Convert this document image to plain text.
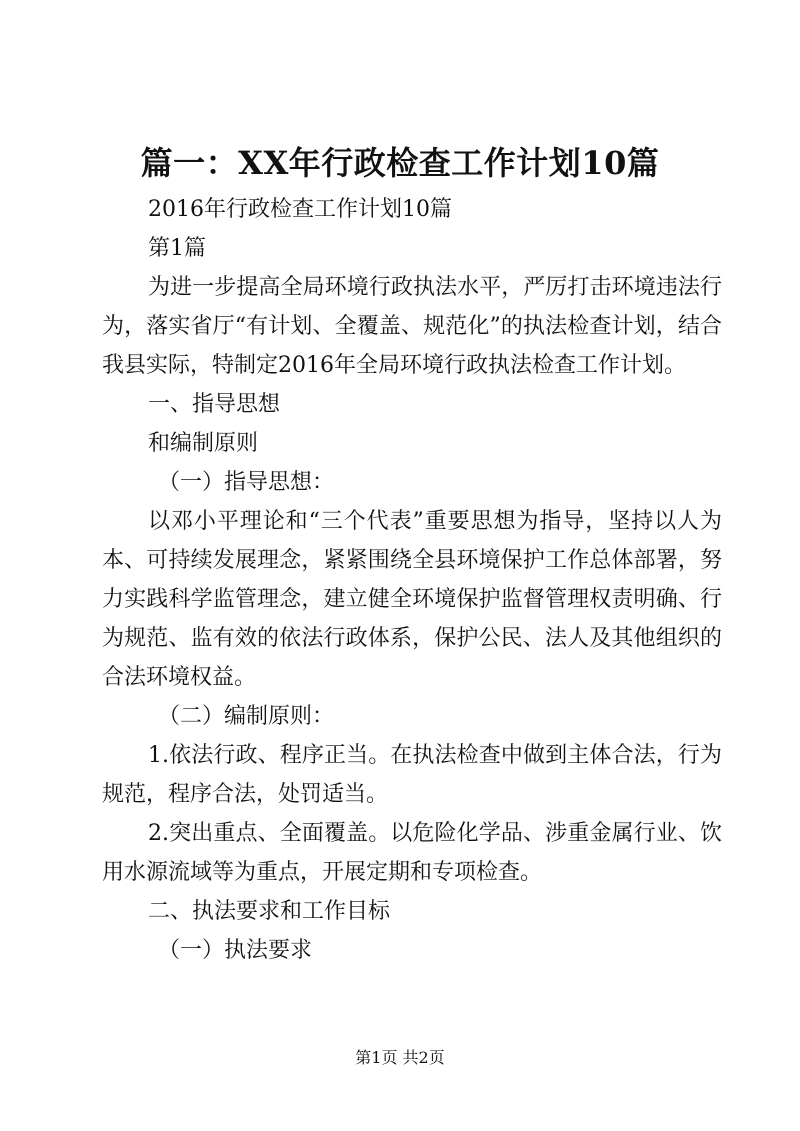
篇一：XX年行政检查工作计划10篇

2016年行政检查工作计划10篇

第1篇

为进一步提高全局环境行政执法水平，严厉打击环境违法行为，落实省厅“有计划、全覆盖、规范化”的执法检查计划，结合我县实际，特制定2016年全局环境行政执法检查工作计划。

一、指导思想

和编制原则

（一）指导思想：

以邓小平理论和“三个代表”重要思想为指导，坚持以人为本、可持续发展理念，紧紧围绕全县环境保护工作总体部署，努力实践科学监管理念，建立健全环境保护监督管理权责明确、行为规范、监有效的依法行政体系，保护公民、法人及其他组织的合法环境权益。

（二）编制原则：

1.依法行政、程序正当。在执法检查中做到主体合法，行为规范，程序合法，处罚适当。

2.突出重点、全面覆盖。以危险化学品、涉重金属行业、饮用水源流域等为重点，开展定期和专项检查。

二、执法要求和工作目标

（一）执法要求

第1页 共2页
